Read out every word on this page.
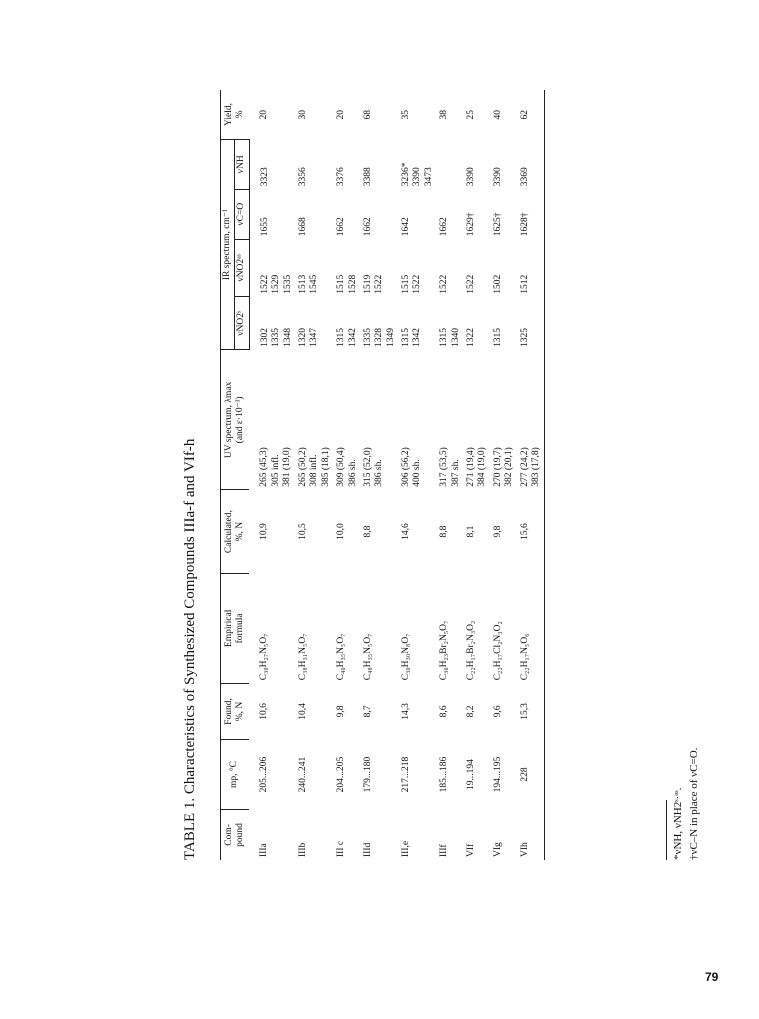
TABLE 1. Characteristics of Synthesized Compounds IIIa-f and VIf-h	Com-
pound	mp, °C	Found,
%, N	Empirical
formula	Calculated,
%, N	UV spectrum, λmax
(and ε·10⁻³)	IR spectrum, cm⁻¹				Yield,
%
						νNO2ˢ	νNO2ᵃˢ	νC=O	νNH	
IIIa	205...206	10,6	C₃₀H₂₇N₅O₇	10,9	265 (45,3)
305 infl.
381 (19,0)	1302
1335
1348	1522
1529
1535	1655	3323	20
IIIb	240...241	10,4	C₃₈H₃₁N₅O₇	10,5	265 (50,2)
308 infl.
385 (18,1)	1320
1347	1513
1545	1668	3356	30
III c	204...205	9,8	C₄₀H₃₅N₅O₇	10,0	309 (50,4)
386 sh.	1315
1342	1515
1528	1662	3376	20
IIId	179...180	8,7	C₄₈H₃₅N₅O₇	8,8	315 (52,0)
386 sh.	1335
1328
1349	1519
1522	1662	3388	68
III,e	217...218	14,3	C₃₀H₃₀N₈O₇	14,6	306 (56,2)
400 sh.	1315
1342	1515
1522	1642	3236*
3390
3473	35
IIIf	185...186	8,6	C₃₀H₂₃Br₂N₅O₇	8,8	317 (53,5)
387 sh.	1315
1340	1522	1662		38
VIf	19...194	8,2	C₂₂H₁₇Br₂N₃O₂	8,1	271 (19,4)
384 (19,0)	1322	1522	1629†	3390	25
VIg	194...195	9,6	C₂₂H₁₇Cl₂N₃O₂	9,8	270 (19,7)
382 (20,1)	1315	1502	1625†	3390	40
VIh	228	15,3	C₂₂H₁₇N₅O₆	15,6	277 (24,2)
383 (17,8)	1325	1512	1628†	3369	62
*νNH, νNH2ˢ·ᵃˢ. †νC–N in place of νC=O.
79
